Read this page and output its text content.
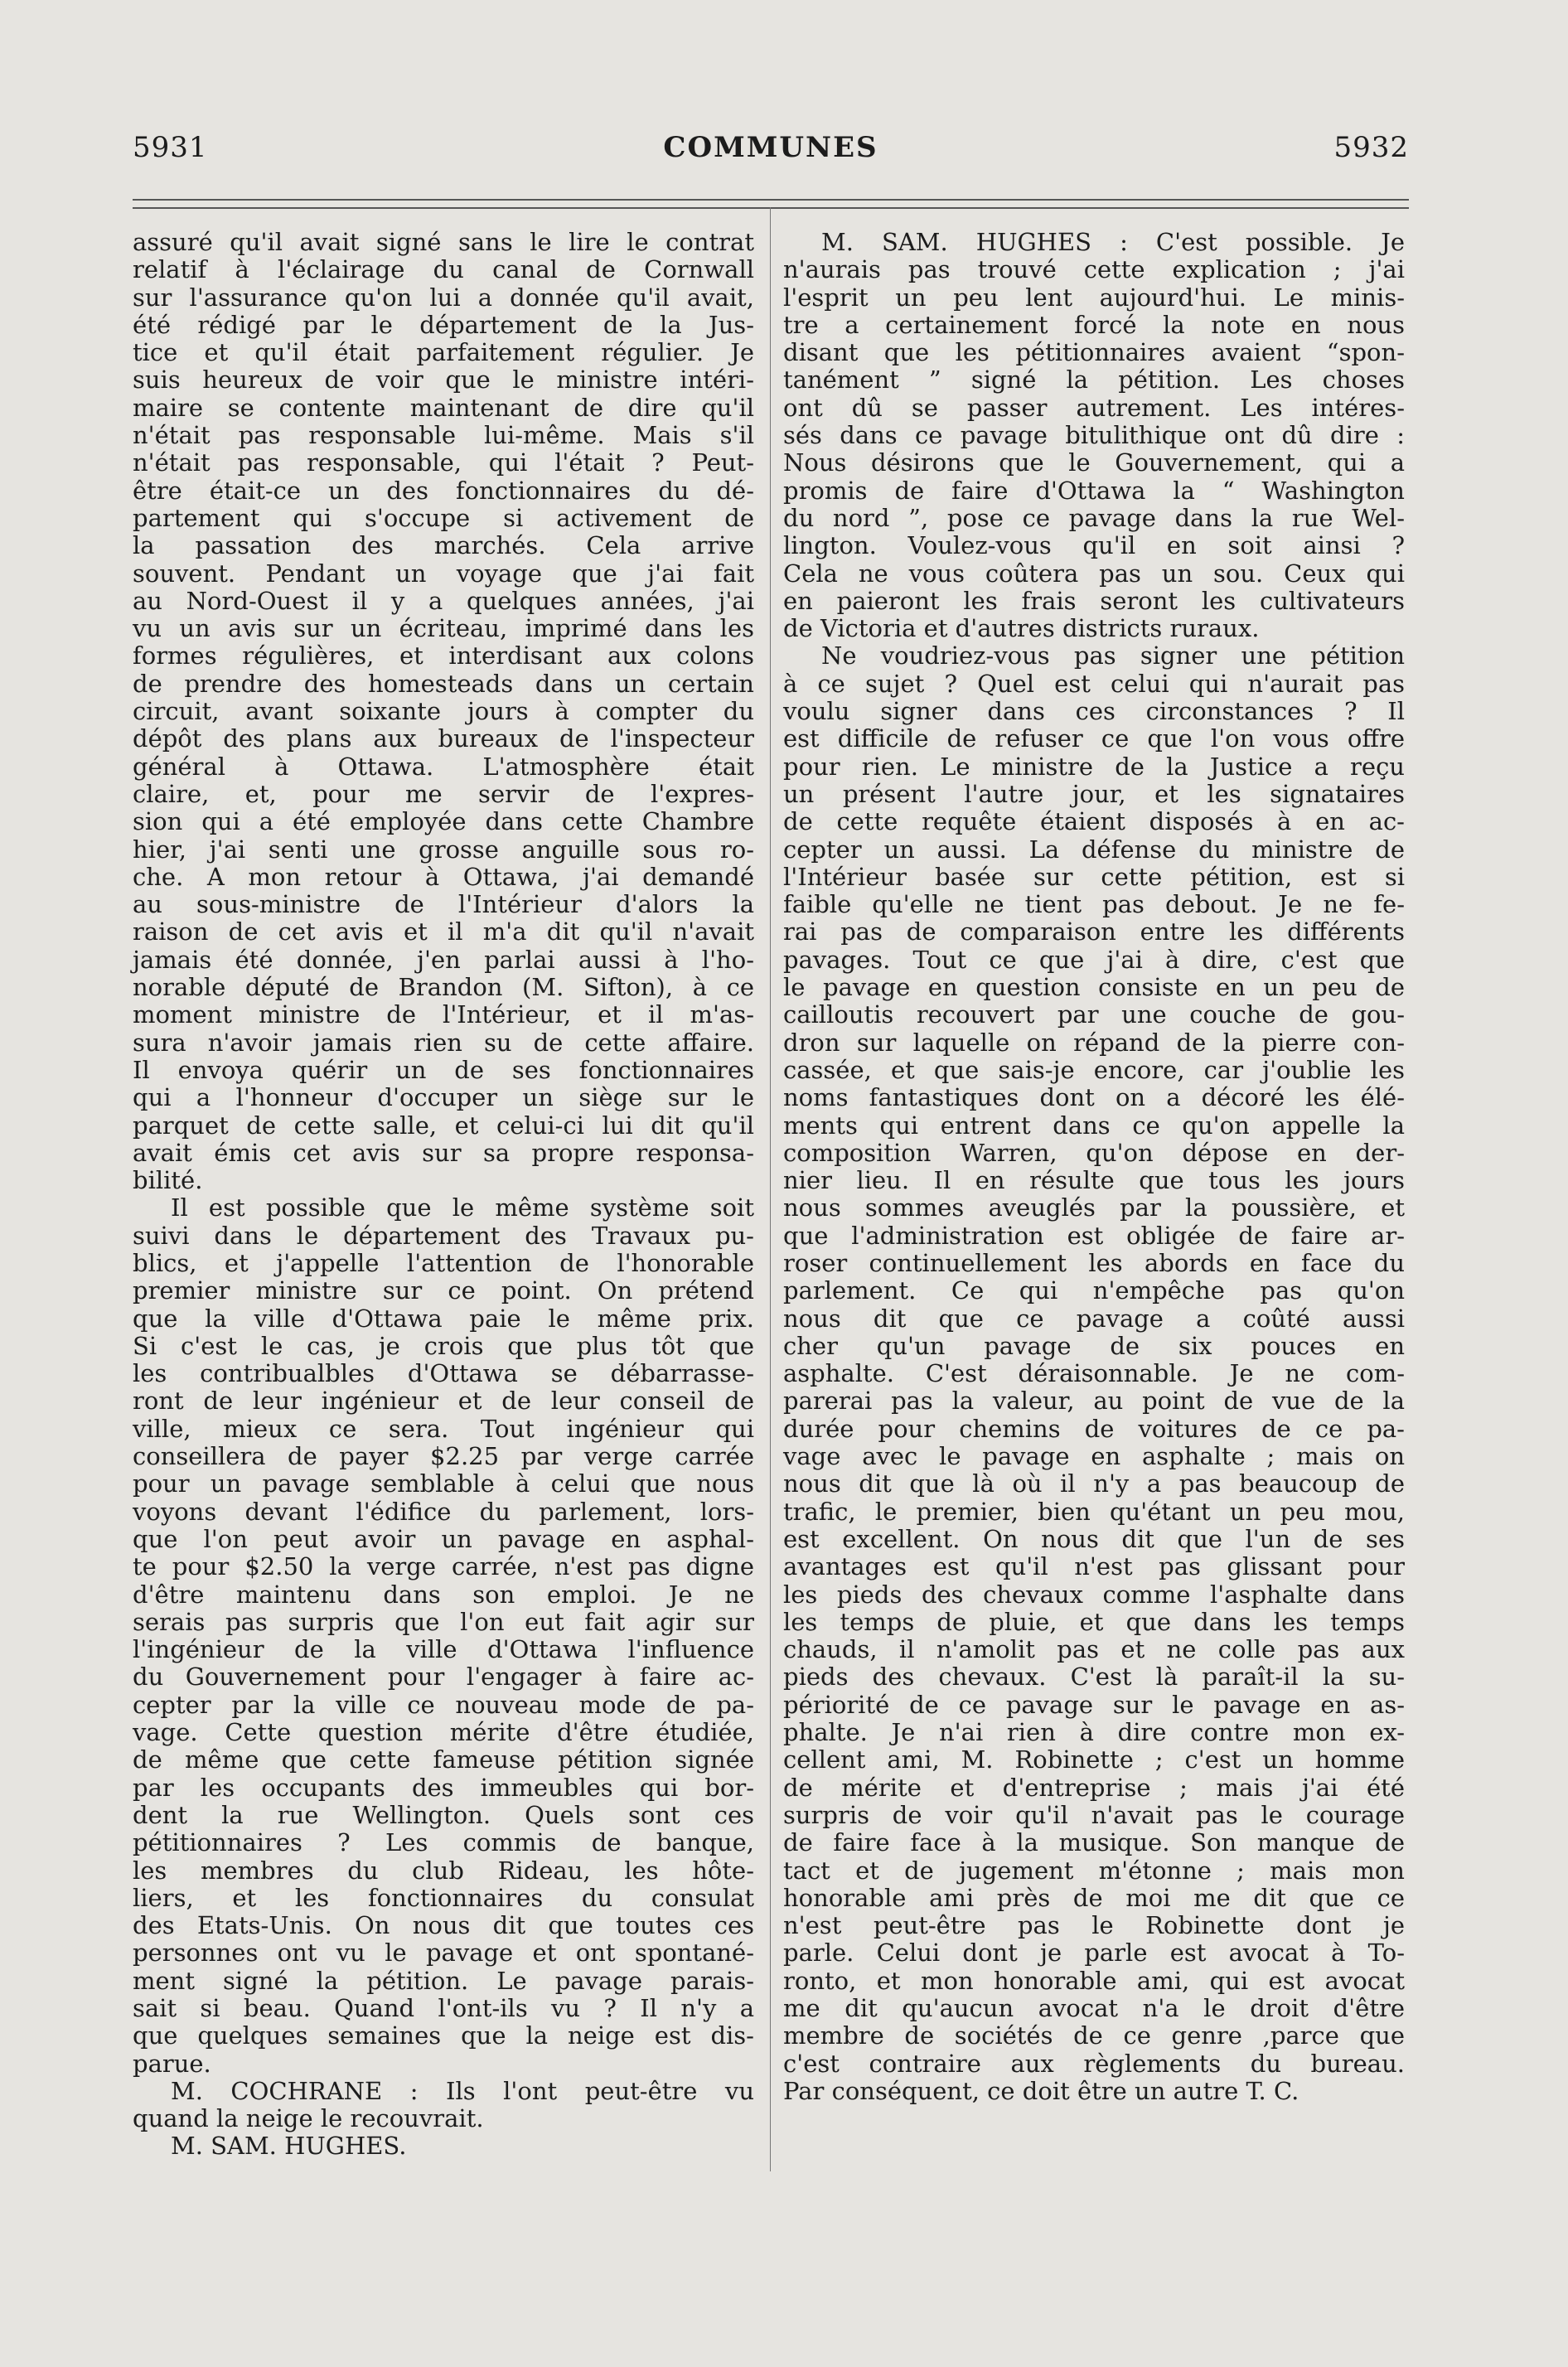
5931	COMMUNES	5932
assuré qu'il avait signé sans le lire le contrat
relatif à l'éclairage du canal de Cornwall
sur l'assurance qu'on lui a donnée qu'il avait,
été rédigé par le département de la Jus-
tice et qu'il était parfaitement régulier. Je
suis heureux de voir que le ministre intéri-
maire se contente maintenant de dire qu'il
n'était pas responsable lui-même. Mais s'il
n'était pas responsable, qui l'était ? Peut-
être était-ce un des fonctionnaires du dé-
partement qui s'occupe si activement de
la passation des marchés. Cela arrive
souvent. Pendant un voyage que j'ai fait
au Nord-Ouest il y a quelques années, j'ai
vu un avis sur un écriteau, imprimé dans les
formes régulières, et interdisant aux colons
de prendre des homesteads dans un certain
circuit, avant soixante jours à compter du
dépôt des plans aux bureaux de l'inspecteur
général à Ottawa. L'atmosphère était
claire, et, pour me servir de l'expres-
sion qui a été employée dans cette Chambre
hier, j'ai senti une grosse anguille sous ro-
che. A mon retour à Ottawa, j'ai demandé
au sous-ministre de l'Intérieur d'alors la
raison de cet avis et il m'a dit qu'il n'avait
jamais été donnée, j'en parlai aussi à l'ho-
norable député de Brandon (M. Sifton), à ce
moment ministre de l'Intérieur, et il m'as-
sura n'avoir jamais rien su de cette affaire.
Il envoya quérir un de ses fonctionnaires
qui a l'honneur d'occuper un siège sur le
parquet de cette salle, et celui-ci lui dit qu'il
avait émis cet avis sur sa propre responsa-
bilité.
Il est possible que le même système soit
suivi dans le département des Travaux pu-
blics, et j'appelle l'attention de l'honorable
premier ministre sur ce point. On prétend
que la ville d'Ottawa paie le même prix.
Si c'est le cas, je crois que plus tôt que
les contribualbles d'Ottawa se débarrasse-
ront de leur ingénieur et de leur conseil de
ville, mieux ce sera. Tout ingénieur qui
conseillera de payer $2.25 par verge carrée
pour un pavage semblable à celui que nous
voyons devant l'édifice du parlement, lors-
que l'on peut avoir un pavage en asphal-
te pour $2.50 la verge carrée, n'est pas digne
d'être maintenu dans son emploi. Je ne
serais pas surpris que l'on eut fait agir sur
l'ingénieur de la ville d'Ottawa l'influence
du Gouvernement pour l'engager à faire ac-
cepter par la ville ce nouveau mode de pa-
vage. Cette question mérite d'être étudiée,
de même que cette fameuse pétition signée
par les occupants des immeubles qui bor-
dent la rue Wellington. Quels sont ces
pétitionnaires ? Les commis de banque,
les membres du club Rideau, les hôte-
liers, et les fonctionnaires du consulat
des Etats-Unis. On nous dit que toutes ces
personnes ont vu le pavage et ont spontané-
ment signé la pétition. Le pavage parais-
sait si beau. Quand l'ont-ils vu ? Il n'y a
que quelques semaines que la neige est dis-
parue.
M. COCHRANE : Ils l'ont peut-être vu
quand la neige le recouvrait.
M. SAM. HUGHES.
M. SAM. HUGHES : C'est possible. Je
n'aurais pas trouvé cette explication ; j'ai
l'esprit un peu lent aujourd'hui. Le minis-
tre a certainement forcé la note en nous
disant que les pétitionnaires avaient “spon-
tanément ” signé la pétition. Les choses
ont dû se passer autrement. Les intéres-
sés dans ce pavage bitulithique ont dû dire :
Nous désirons que le Gouvernement, qui a
promis de faire d'Ottawa la “ Washington
du nord ”, pose ce pavage dans la rue Wel-
lington. Voulez-vous qu'il en soit ainsi ?
Cela ne vous coûtera pas un sou. Ceux qui
en paieront les frais seront les cultivateurs
de Victoria et d'autres districts ruraux.
Ne voudriez-vous pas signer une pétition
à ce sujet ? Quel est celui qui n'aurait pas
voulu signer dans ces circonstances ? Il
est difficile de refuser ce que l'on vous offre
pour rien. Le ministre de la Justice a reçu
un présent l'autre jour, et les signataires
de cette requête étaient disposés à en ac-
cepter un aussi. La défense du ministre de
l'Intérieur basée sur cette pétition, est si
faible qu'elle ne tient pas debout. Je ne fe-
rai pas de comparaison entre les différents
pavages. Tout ce que j'ai à dire, c'est que
le pavage en question consiste en un peu de
cailloutis recouvert par une couche de gou-
dron sur laquelle on répand de la pierre con-
cassée, et que sais-je encore, car j'oublie les
noms fantastiques dont on a décoré les élé-
ments qui entrent dans ce qu'on appelle la
composition Warren, qu'on dépose en der-
nier lieu. Il en résulte que tous les jours
nous sommes aveuglés par la poussière, et
que l'administration est obligée de faire ar-
roser continuellement les abords en face du
parlement. Ce qui n'empêche pas qu'on
nous dit que ce pavage a coûté aussi
cher qu'un pavage de six pouces en
asphalte. C'est déraisonnable. Je ne com-
parerai pas la valeur, au point de vue de la
durée pour chemins de voitures de ce pa-
vage avec le pavage en asphalte ; mais on
nous dit que là où il n'y a pas beaucoup de
trafic, le premier, bien qu'étant un peu mou,
est excellent. On nous dit que l'un de ses
avantages est qu'il n'est pas glissant pour
les pieds des chevaux comme l'asphalte dans
les temps de pluie, et que dans les temps
chauds, il n'amolit pas et ne colle pas aux
pieds des chevaux. C'est là paraît-il la su-
périorité de ce pavage sur le pavage en as-
phalte. Je n'ai rien à dire contre mon ex-
cellent ami, M. Robinette ; c'est un homme
de mérite et d'entreprise ; mais j'ai été
surpris de voir qu'il n'avait pas le courage
de faire face à la musique. Son manque de
tact et de jugement m'étonne ; mais mon
honorable ami près de moi me dit que ce
n'est peut-être pas le Robinette dont je
parle. Celui dont je parle est avocat à To-
ronto, et mon honorable ami, qui est avocat
me dit qu'aucun avocat n'a le droit d'être
membre de sociétés de ce genre ,parce que
c'est contraire aux règlements du bureau.
Par conséquent, ce doit être un autre T. C.
